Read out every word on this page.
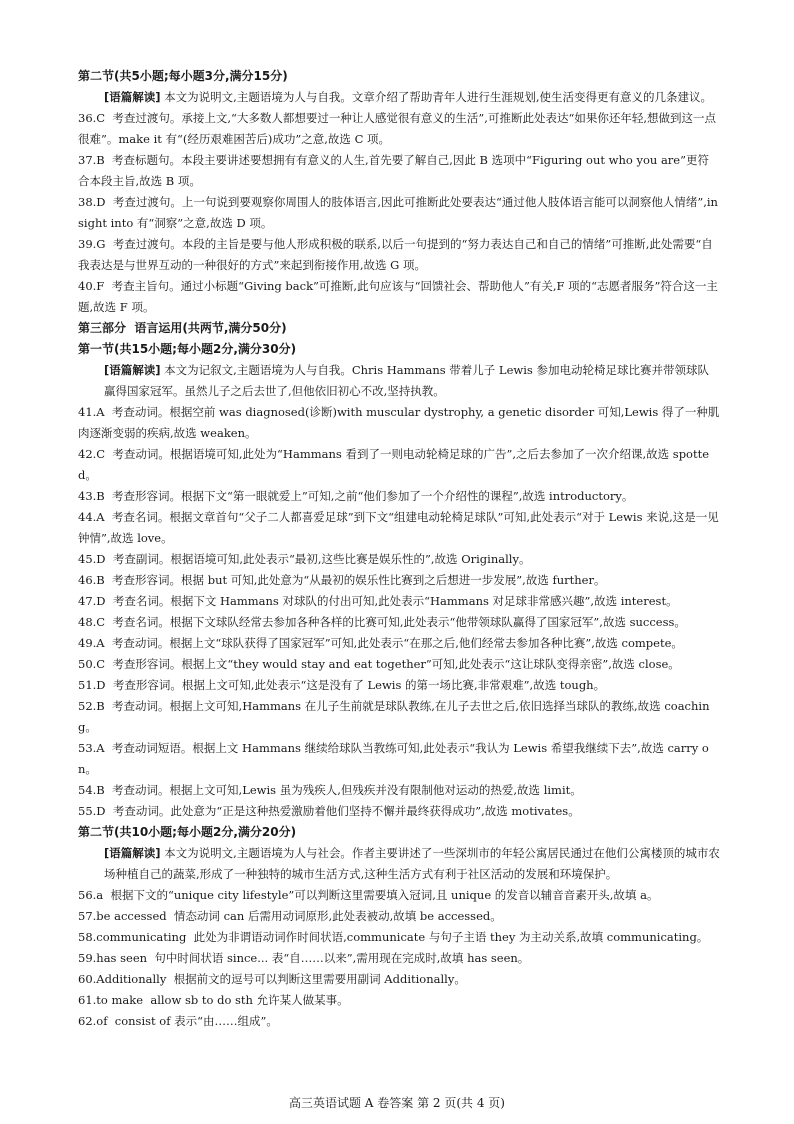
第二节(共5小题;每小题3分,满分15分)
[语篇解读] 本文为说明文,主题语境为人与自我。文章介绍了帮助青年人进行生涯规划,使生活变得更有意义的几条建议。
36.C  考查过渡句。承接上文,“大多数人都想要过一种让人感觉很有意义的生活”,可推断此处表达“如果你还年轻,想做到这一点很难”。make it 有“(经历艰难困苦后)成功”之意,故选 C 项。
37.B  考查标题句。本段主要讲述要想拥有有意义的人生,首先要了解自己,因此 B 选项中“Figuring out who you are”更符合本段主旨,故选 B 项。
38.D  考查过渡句。上一句说到要观察你周围人的肢体语言,因此可推断此处要表达“通过他人肢体语言能可以洞察他人情绪”,insight into 有“洞察”之意,故选 D 项。
39.G  考查过渡句。本段的主旨是要与他人形成积极的联系,以后一句提到的“努力表达自己和自己的情绪”可推断,此处需要“自我表达是与世界互动的一种很好的方式”来起到衔接作用,故选 G 项。
40.F  考查主旨句。通过小标题“Giving back”可推断,此句应该与“回馈社会、帮助他人”有关,F 项的“志愿者服务”符合这一主题,故选 F 项。
第三部分  语言运用(共两节,满分50分)
第一节(共15小题;每小题2分,满分30分)
[语篇解读] 本文为记叙文,主题语境为人与自我。Chris Hammans 带着儿子 Lewis 参加电动轮椅足球比赛并带领球队赢得国家冠军。虽然儿子之后去世了,但他依旧初心不改,坚持执教。
41.A  考查动词。根据空前 was diagnosed(诊断)with muscular dystrophy, a genetic disorder 可知,Lewis 得了一种肌肉逐渐变弱的疾病,故选 weaken。
42.C  考查动词。根据语境可知,此处为“Hammans 看到了一则电动轮椅足球的广告”,之后去参加了一次介绍课,故选 spotted。
43.B  考查形容词。根据下文“第一眼就爱上”可知,之前“他们参加了一个介绍性的课程”,故选 introductory。
44.A  考查名词。根据文章首句“父子二人都喜爱足球”到下文“组建电动轮椅足球队”可知,此处表示“对于 Lewis 来说,这是一见钟情”,故选 love。
45.D  考查副词。根据语境可知,此处表示“最初,这些比赛是娱乐性的”,故选 Originally。
46.B  考查形容词。根据 but 可知,此处意为“从最初的娱乐性比赛到之后想进一步发展”,故选 further。
47.D  考查名词。根据下文 Hammans 对球队的付出可知,此处表示“Hammans 对足球非常感兴趣”,故选 interest。
48.C  考查名词。根据下文球队经常去参加各种各样的比赛可知,此处表示“他带领球队赢得了国家冠军”,故选 success。
49.A  考查动词。根据上文“球队获得了国家冠军”可知,此处表示“在那之后,他们经常去参加各种比赛”,故选 compete。
50.C  考查形容词。根据上文“they would stay and eat together”可知,此处表示“这让球队变得亲密”,故选 close。
51.D  考查形容词。根据上文可知,此处表示“这是没有了 Lewis 的第一场比赛,非常艰难”,故选 tough。
52.B  考查动词。根据上文可知,Hammans 在儿子生前就是球队教练,在儿子去世之后,依旧选择当球队的教练,故选 coaching。
53.A  考查动词短语。根据上文 Hammans 继续给球队当教练可知,此处表示“我认为 Lewis 希望我继续下去”,故选 carry on。
54.B  考查动词。根据上文可知,Lewis 虽为残疾人,但残疾并没有限制他对运动的热爱,故选 limit。
55.D  考查动词。此处意为“正是这种热爱激励着他们坚持不懈并最终获得成功”,故选 motivates。
第二节(共10小题;每小题2分,满分20分)
[语篇解读] 本文为说明文,主题语境为人与社会。作者主要讲述了一些深圳市的年轻公寓居民通过在他们公寓楼顶的城市农场种植自己的蔬菜,形成了一种独特的城市生活方式,这种生活方式有利于社区活动的发展和环境保护。
56.a  根据下文的“unique city lifestyle”可以判断这里需要填入冠词,且 unique 的发音以辅音音素开头,故填 a。
57.be accessed  情态动词 can 后需用动词原形,此处表被动,故填 be accessed。
58.communicating  此处为非谓语动词作时间状语,communicate 与句子主语 they 为主动关系,故填 communicating。
59.has seen  句中时间状语 since... 表“自……以来”,需用现在完成时,故填 has seen。
60.Additionally  根据前文的逗号可以判断这里需要用副词 Additionally。
61.to make  allow sb to do sth 允许某人做某事。
62.of  consist of 表示“由……组成”。
高三英语试题 A 卷答案 第 2 页(共 4 页)
